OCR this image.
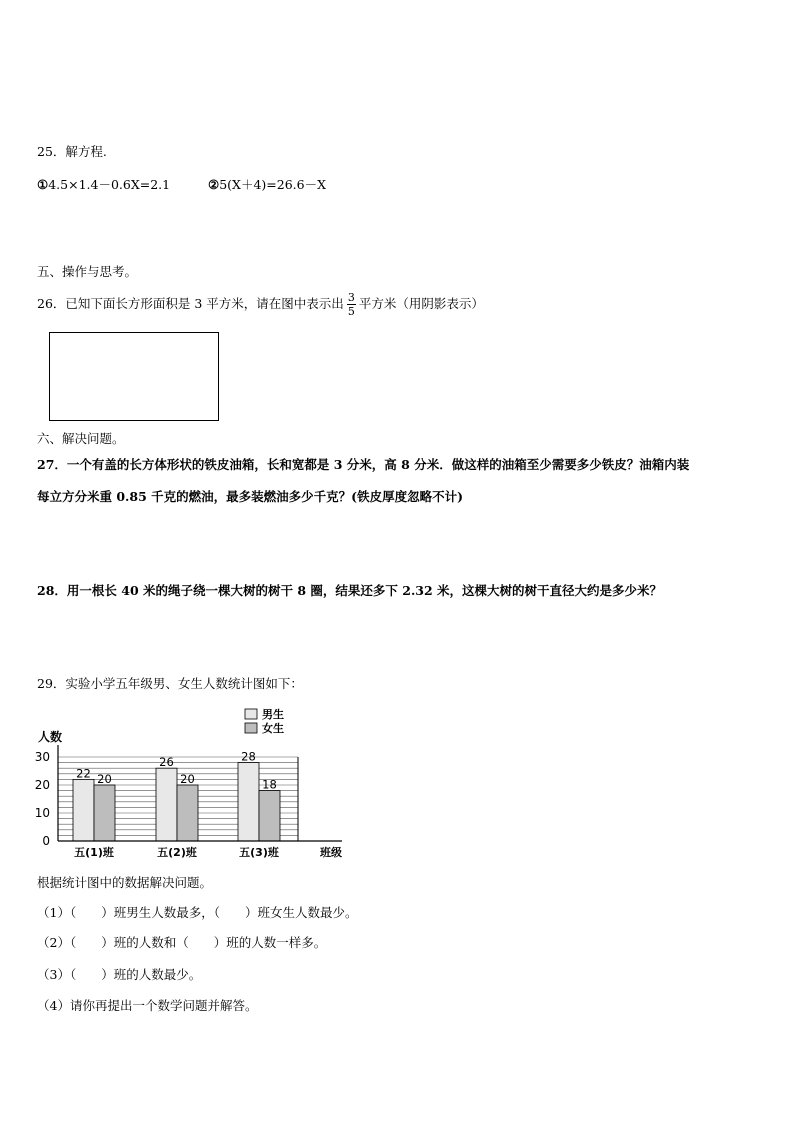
25．解方程.
①4.5×1.4－0.6X=2.1	②5(X＋4)=26.6－X
五、操作与思考。
26．已知下面长方形面积是 3 平方米，请在图中表示出 $\frac{3}{5}$ 平方米（用阴影表示）
六、解决问题。
27．一个有盖的长方体形状的铁皮油箱，长和宽都是 3 分米，高 8 分米．做这样的油箱至少需要多少铁皮？油箱内装
每立方分米重 0.85 千克的燃油，最多装燃油多少千克？(铁皮厚度忽略不计)
28．用一根长 40 米的绳子绕一棵大树的树干 8 圈，结果还多下 2.32 米，这棵大树的树干直径大约是多少米？
29．实验小学五年级男、女生人数统计图如下：
22 20
26
20
28
18
人数
班级
0
10
20
30
五(1)班	五(2)班	五(3)班
男生
女生
根据统计图中的数据解决问题。
（1）（　　）班男生人数最多，（　　）班女生人数最少。
（2）（　　）班的人数和（　　）班的人数一样多。
（3）（　　）班的人数最少。
（4）请你再提出一个数学问题并解答。
